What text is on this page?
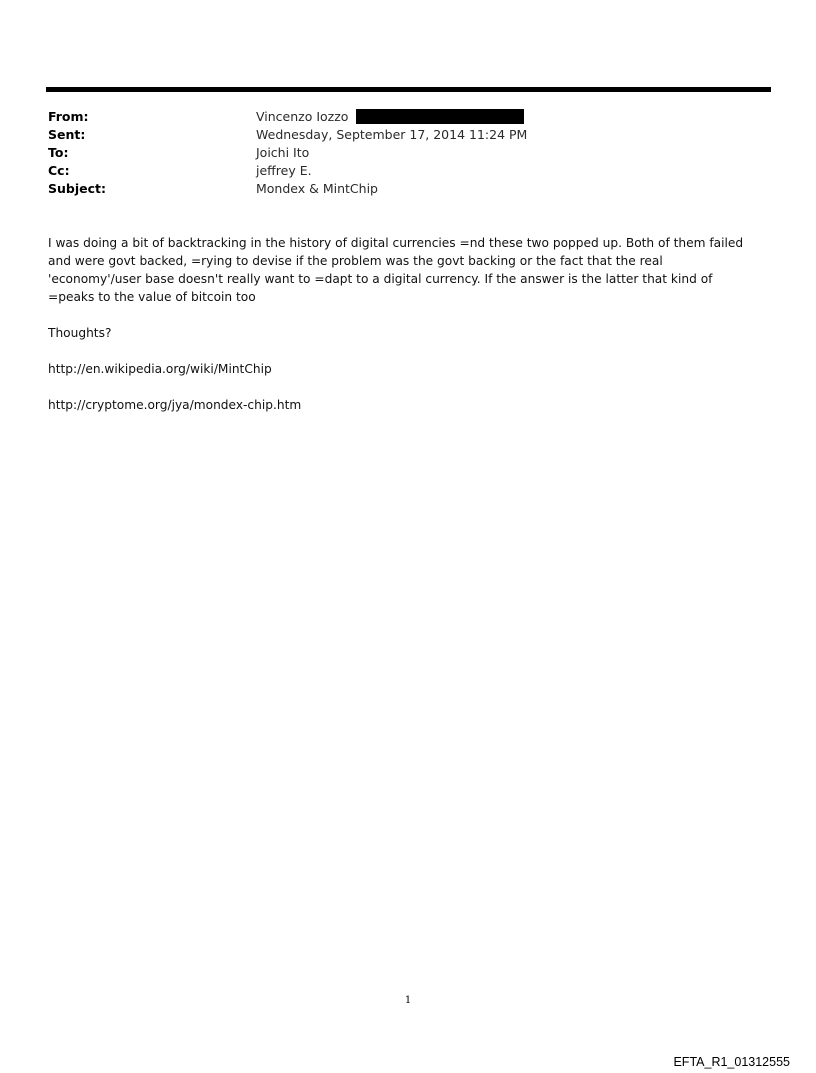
From:	Vincenzo Iozzo
Sent:	Wednesday, September 17, 2014 11:24 PM
To:	Joichi Ito
Cc:	jeffrey E.
Subject:	Mondex & MintChip

I was doing a bit of backtracking in the history of digital currencies =nd these two popped up. Both of them failed and were govt backed, =rying to devise if the problem was the govt backing or the fact that the real 'economy'/user base doesn't really want to =dapt to a digital currency. If the answer is the latter that kind of =peaks to the value of bitcoin too

Thoughts?

http://en.wikipedia.org/wiki/MintChip

http://cryptome.org/jya/mondex-chip.htm

1
EFTA_R1_01312555
